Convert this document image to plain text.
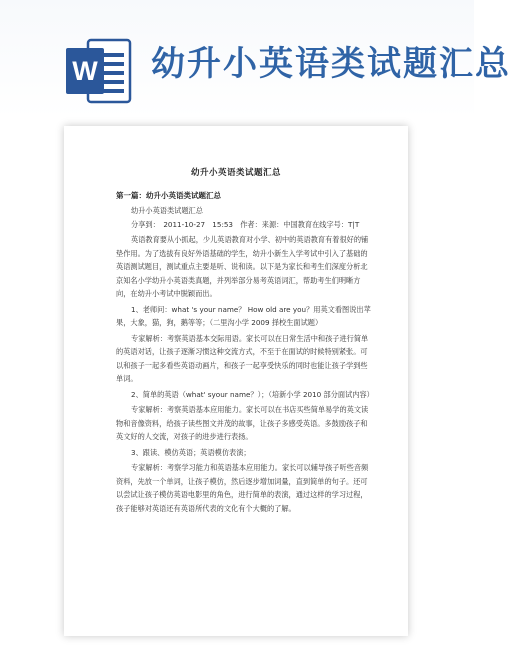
W 幼升小英语类试题汇总
幼升小英语类试题汇总
第一篇：幼升小英语类试题汇总

幼升小英语类试题汇总

分享到：　2011-10-27　15:53　作者：来源：中国教育在线字号：T|T

英语教育要从小抓起，少儿英语教育对小学、初中的英语教育有着很好的铺垫作用。为了选拔有良好外语基础的学生，幼升小新生入学考试中引入了基础的英语测试题目，测试重点主要是听、说和读。以下是为家长和考生们深度分析北京知名小学幼升小英语类真题，并列举部分易考英语词汇，帮助考生们明晰方向，在幼升小考试中脱颖而出。

1、老师问：what 's your name？ How old are you？用英文看图说出苹果，大象，猫，狗，鹅等等；（二里沟小学 2009 择校生面试题）

专家解析：考察英语基本交际用语。家长可以在日常生活中和孩子进行简单的英语对话，让孩子逐渐习惯这种交流方式，不至于在面试的时候特别紧张。可以和孩子一起多看些英语动画片，和孩子一起享受快乐的同时也能让孩子学到些单词。

2、简单的英语（what' syour name？）；（培新小学 2010 部分面试内容）

专家解析：考察英语基本应用能力。家长可以在书店买些简单易学的英文读物和音像资料，给孩子读些图文并茂的故事，让孩子多感受英语。多鼓励孩子和英文好的人交流，对孩子的进步进行表扬。

3、跟读、模仿英语；英语模仿表演；

专家解析：考察学习能力和英语基本应用能力。家长可以辅导孩子听些音频资料，先放一个单词，让孩子模仿，然后逐步增加词量，直到简单的句子。还可以尝试让孩子模仿英语电影里的角色，进行简单的表演，通过这样的学习过程，孩子能够对英语还有英语所代表的文化有个大概的了解。
